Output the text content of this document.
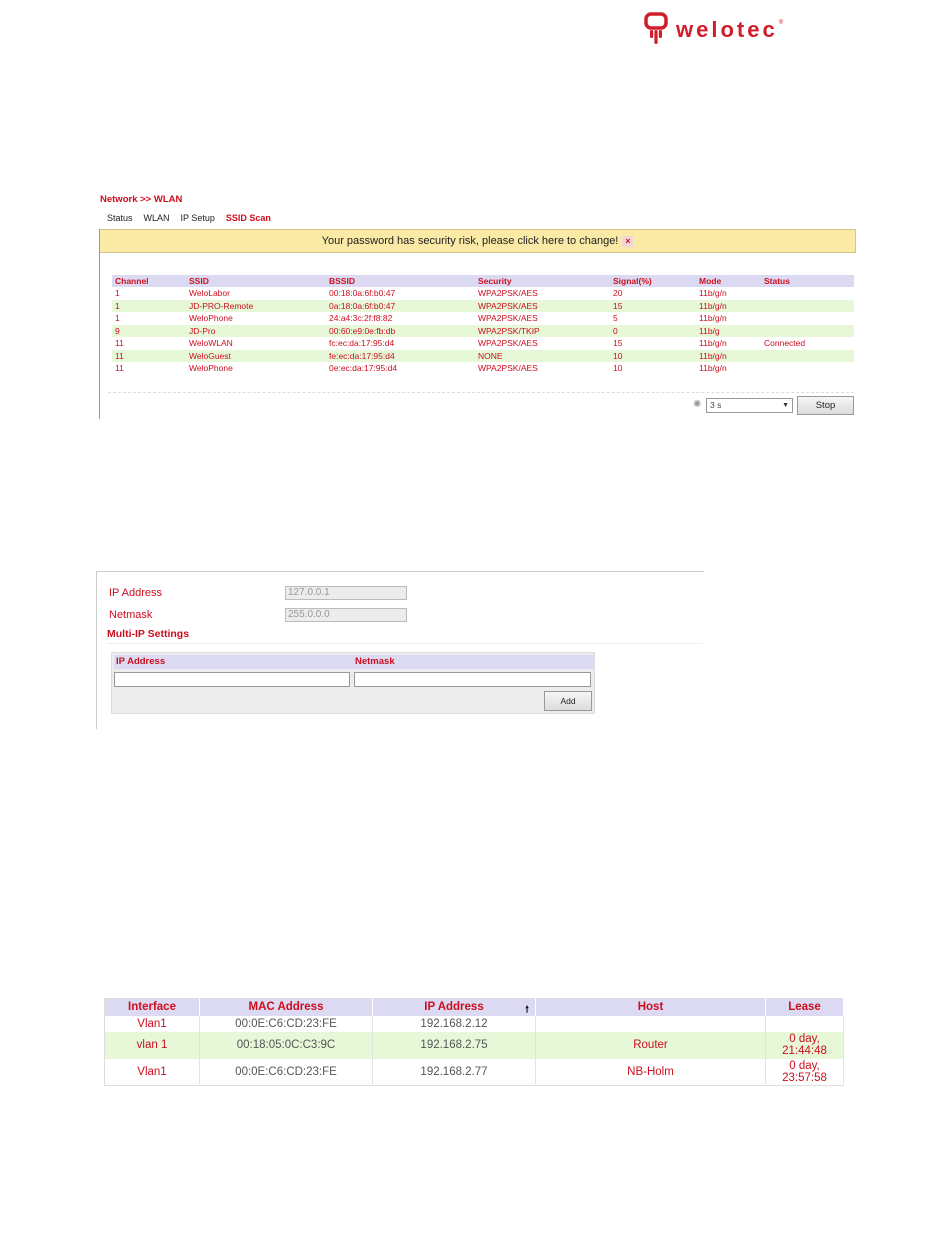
welotec ®
Network >> WLAN
Status WLAN IP Setup SSID Scan
Your password has security risk, please click here to change! ×
Channel	SSID	BSSID	Security	Signal(%)	Mode	Status
1	WeloLabor	00:18:0a:6f:b0:47	WPA2PSK/AES	20	11b/g/n	
1	JD-PRO-Remote	0a:18:0a:6f:b0:47	WPA2PSK/AES	15	11b/g/n	
1	WeloPhone	24:a4:3c:2f:f8:82	WPA2PSK/AES	5	11b/g/n	
9	JD-Pro	00:60:e9:0e:fb:db	WPA2PSK/TKIP	0	11b/g	
11	WeloWLAN	fc:ec:da:17:95:d4	WPA2PSK/AES	15	11b/g/n	Connected
11	WeloGuest	fe:ec:da:17:95:d4	NONE	10	11b/g/n	
11	WeloPhone	0e:ec:da:17:95:d4	WPA2PSK/AES	10	11b/g/n	
✺	3 s	▼	Stop
IP Address	127.0.0.1
Netmask	255.0.0.0
Multi-IP Settings
IP Address	Netmask
Add
Interface	MAC Address	IP Address 🠕	Host	Lease
Vlan1	00:0E:C6:CD:23:FE	192.168.2.12		

vlan 1	00:18:05:0C:C3:9C	192.168.2.75	Router	0 day,
21:44:48
Vlan1	00:0E:C6:CD:23:FE	192.168.2.77	NB-Holm	0 day,
23:57:58
